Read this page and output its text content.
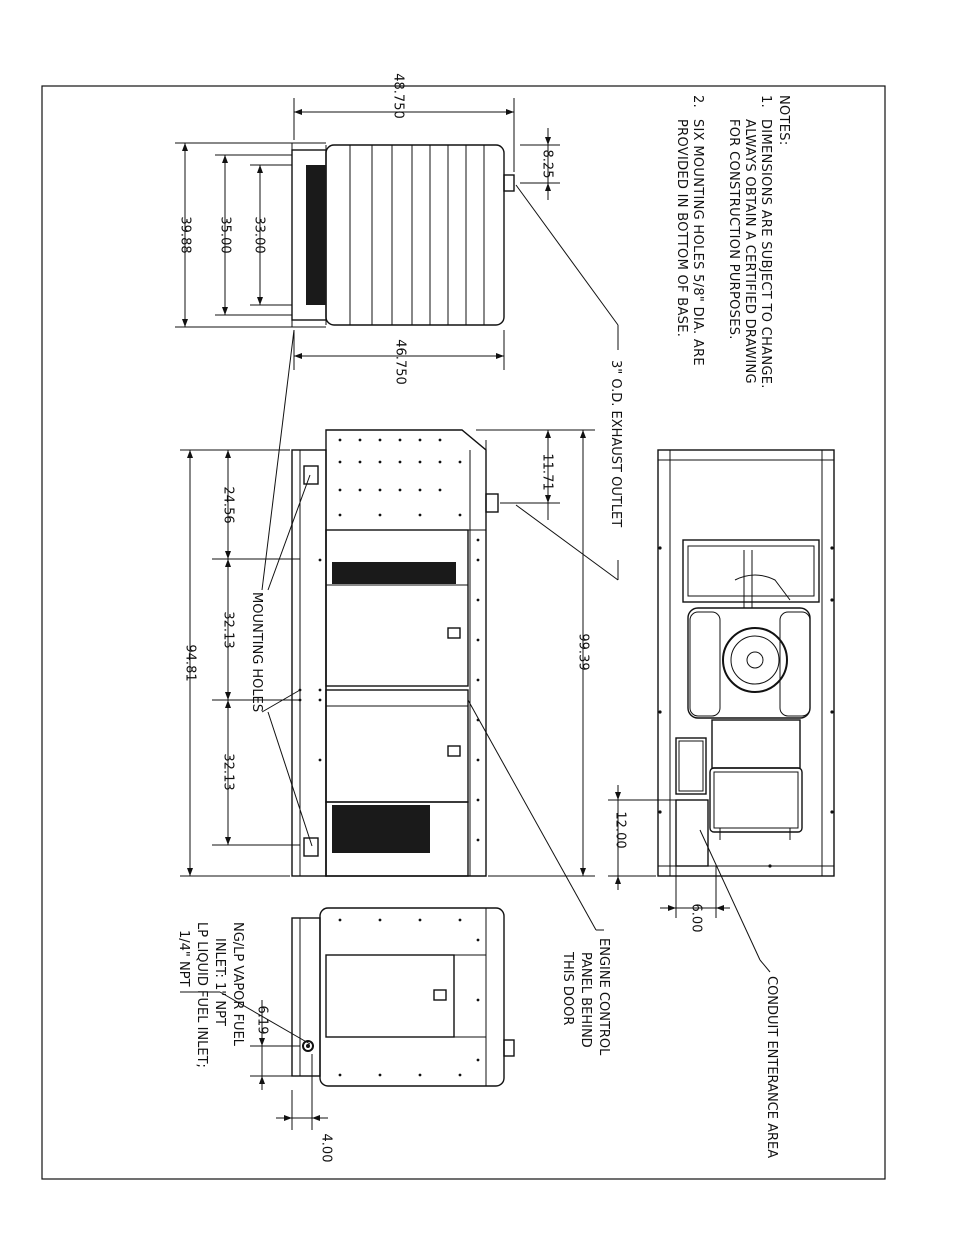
NOTES:
1.
DIMENSIONS ARE SUBJECT TO CHANGE.
ALWAYS OBTAIN A CERTIFIED DRAWING
FOR CONSTRUCTION PURPOSES.
2.
SIX MOUNTING HOLES 5/8" DIA. ARE
PROVIDED IN BOTTOM OF BASE.
48.750
8.25
46.750
33.00
35.00
39.88
3" O.D. EXHAUST OUTLET
99.39
11.71
94.81
24.56
32.13
32.13
MOUNTING HOLES
ENGINE CONTROL
PANEL BEHIND
THIS DOOR	CONDUIT ENTERANCE AREA
12.00
6.00
6.19
4.00
NG/LP VAPOR FUEL
INLET: 1" NPT
LP LIQUID FUEL INLET;
1/4" NPT
